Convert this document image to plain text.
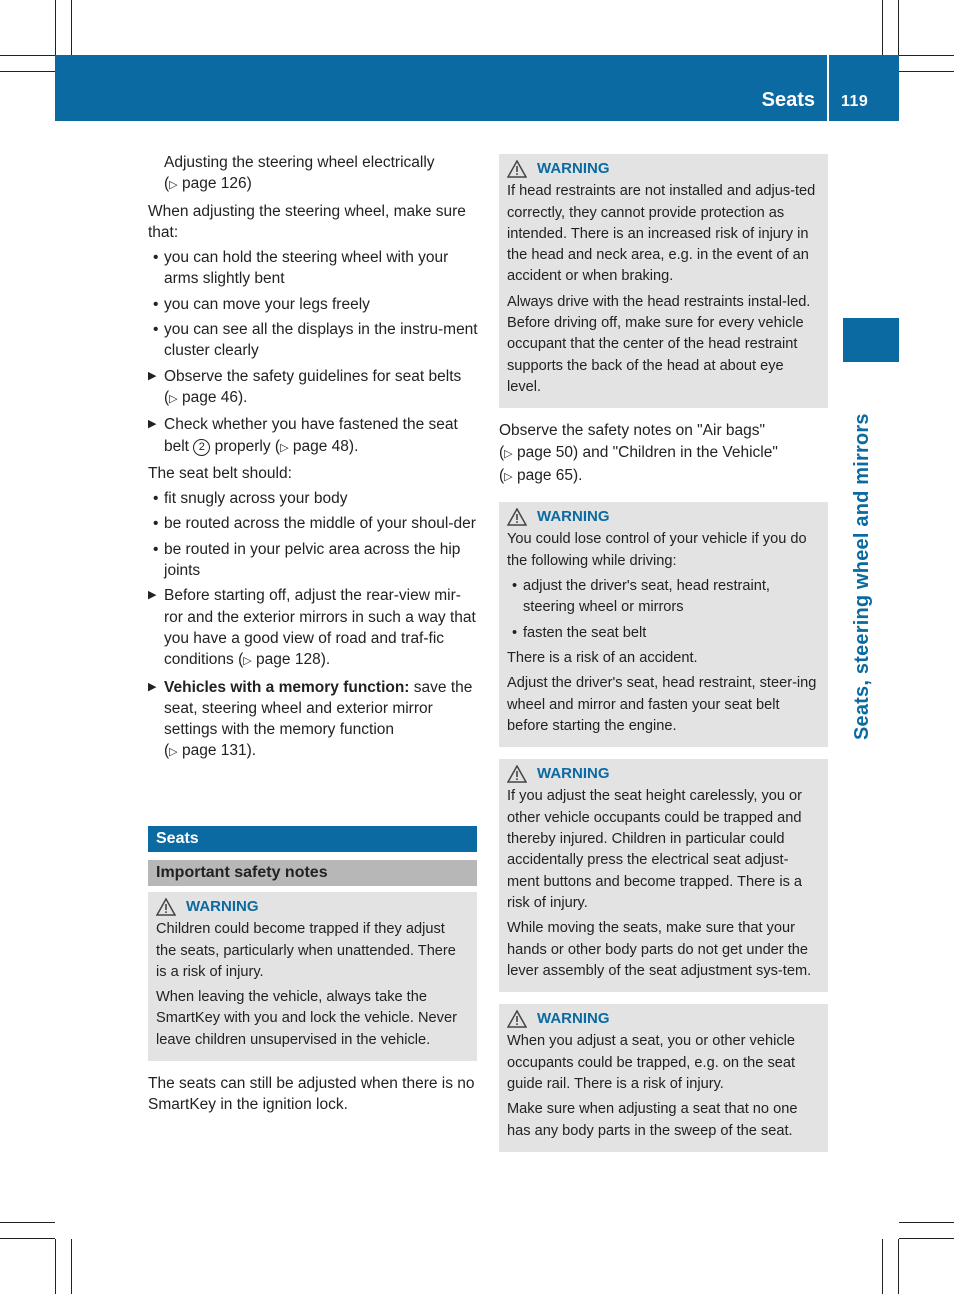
Seats 119
Seats, steering wheel and mirrors

Adjusting the steering wheel electrically
(▷ page 126)

When adjusting the steering wheel, make sure that:

• you can hold the steering wheel with your arms slightly bent
• you can move your legs freely
• you can see all the displays in the instru-ment cluster clearly
▶ Observe the safety guidelines for seat belts (▷ page 46).
▶ Check whether you have fastened the seat belt 2 properly (▷ page 48).

The seat belt should:

• fit snugly across your body
• be routed across the middle of your shoul-der
• be routed in your pelvic area across the hip joints
▶ Before starting off, adjust the rear-view mir-ror and the exterior mirrors in such a way that you have a good view of road and traf-fic conditions (▷ page 128).
▶ Vehicles with a memory function: save the seat, steering wheel and exterior mirror settings with the memory function
(▷ page 131).
Seats
Important safety notes
WARNING

Children could become trapped if they adjust the seats, particularly when unattended. There is a risk of injury.

When leaving the vehicle, always take the SmartKey with you and lock the vehicle. Never leave children unsupervised in the vehicle.

The seats can still be adjusted when there is no SmartKey in the ignition lock.

WARNING

If head restraints are not installed and adjus-ted correctly, they cannot provide protection as intended. There is an increased risk of injury in the head and neck area, e.g. in the event of an accident or when braking.

Always drive with the head restraints instal-led. Before driving off, make sure for every vehicle occupant that the center of the head restraint supports the back of the head at about eye level.

Observe the safety notes on "Air bags"
(▷ page 50) and "Children in the Vehicle"
(▷ page 65).

WARNING

You could lose control of your vehicle if you do the following while driving:

• adjust the driver's seat, head restraint, steering wheel or mirrors
• fasten the seat belt

There is a risk of an accident.

Adjust the driver's seat, head restraint, steer-ing wheel and mirror and fasten your seat belt before starting the engine.

WARNING

If you adjust the seat height carelessly, you or other vehicle occupants could be trapped and thereby injured. Children in particular could accidentally press the electrical seat adjust-ment buttons and become trapped. There is a risk of injury.

While moving the seats, make sure that your hands or other body parts do not get under the lever assembly of the seat adjustment sys-tem.

WARNING

When you adjust a seat, you or other vehicle occupants could be trapped, e.g. on the seat guide rail. There is a risk of injury.

Make sure when adjusting a seat that no one has any body parts in the sweep of the seat.
